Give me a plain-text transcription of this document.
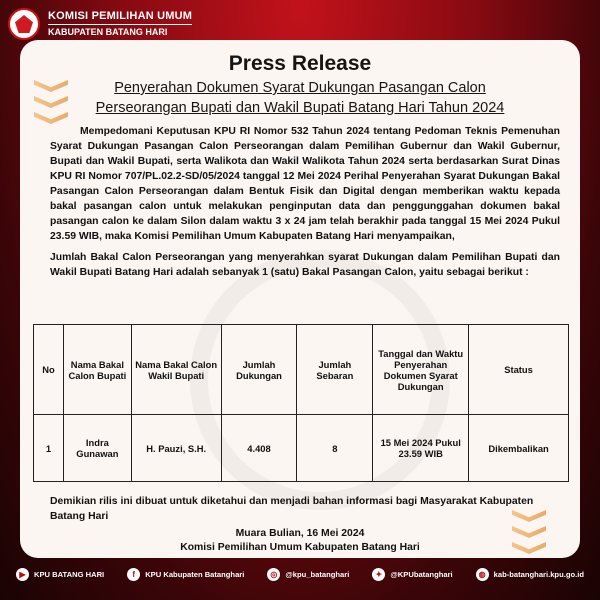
KOMISI PEMILIHAN UMUM
KABUPATEN BATANG HARI
Press Release
Penyerahan Dokumen Syarat Dukungan Pasangan Calon
Perseorangan Bupati dan Wakil Bupati Batang Hari Tahun 2024
Mempedomani Keputusan KPU RI Nomor 532 Tahun 2024 tentang Pedoman Teknis Pemenuhan Syarat Dukungan Pasangan Calon Perseorangan dalam Pemilihan Gubernur dan Wakil Gubernur, Bupati dan Wakil Bupati, serta Walikota dan Wakil Walikota Tahun 2024 serta berdasarkan Surat Dinas KPU RI Nomor 707/PL.02.2-SD/05/2024 tanggal 12 Mei 2024 Perihal Penyerahan Syarat Dukungan Bakal Pasangan Calon Perseorangan dalam Bentuk Fisik dan Digital dengan memberikan waktu kepada bakal pasangan calon untuk melakukan penginputan data dan penggunggahan dokumen bakal pasangan calon ke dalam Silon dalam waktu 3 x 24 jam telah berakhir pada tanggal 15 Mei 2024 Pukul 23.59 WIB, maka Komisi Pemilihan Umum Kabupaten Batang Hari menyampaikan,
Jumlah Bakal Calon Perseorangan yang menyerahkan syarat Dukungan dalam Pemilihan Bupati dan Wakil Bupati Batang Hari adalah sebanyak 1 (satu) Bakal Pasangan Calon, yaitu sebagai berikut :
No	Nama Bakal Calon Bupati	Nama Bakal Calon Wakil Bupati	Jumlah Dukungan	Jumlah Sebaran	Tanggal dan Waktu Penyerahan Dokumen Syarat Dukungan	Status
1	Indra Gunawan	H. Pauzi, S.H.	4.408	8	15 Mei 2024 Pukul 23.59 WIB	Dikembalikan
Demikian rilis ini dibuat untuk diketahui dan menjadi bahan informasi bagi Masyarakat Kabupaten Batang Hari
Muara Bulian, 16 Mei 2024
Komisi Pemilihan Umum Kabupaten Batang Hari
▶	KPU BATANG HARI	f	KPU Kabupaten Batanghari	◎	@kpu_batanghari	✦	@KPUbatanghari	◍	kab-batanghari.kpu.go.id
